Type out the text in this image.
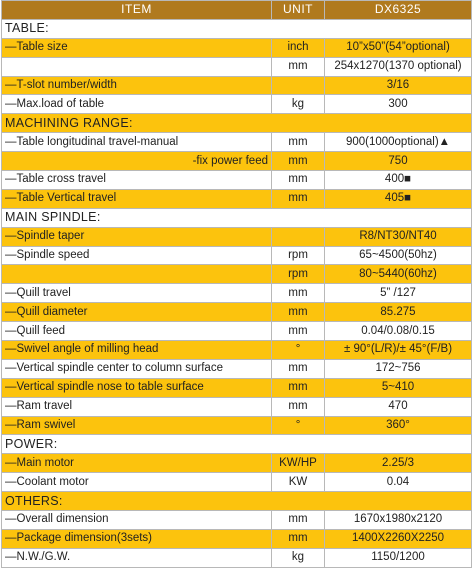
ITEM	UNIT	DX6325
TABLE:		
—Table size	inch	10”x50”(54”optional)
	mm	254x1270(1370 optional)
—T-slot number/width		3/16
—Max.load of table	kg	300
MACHINING RANGE:		
—Table longitudinal travel-manual	mm	900(1000optional)▲
-fix power feed	mm	750
—Table cross travel	mm	400■
—Table Vertical travel	mm	405■
MAIN SPINDLE:		
—Spindle taper		R8/NT30/NT40
—Spindle speed	rpm	65~4500(50hz)
	rpm	80~5440(60hz)
—Quill travel	mm	5” /127
—Quill diameter	mm	85.275
—Quill feed	mm	0.04/0.08/0.15
—Swivel angle of milling head	°	± 90°(L/R)/± 45°(F/B)
—Vertical spindle center to column surface	mm	172~756
—Vertical spindle nose to table surface	mm	5~410
—Ram travel	mm	470
—Ram swivel	°	360°
POWER:		
—Main motor	KW/HP	2.25/3
—Coolant motor	KW	0.04
OTHERS:		
—Overall dimension	mm	1670x1980x2120
—Package dimension(3sets)	mm	1400X2260X2250
—N.W./G.W.	kg	1150/1200
